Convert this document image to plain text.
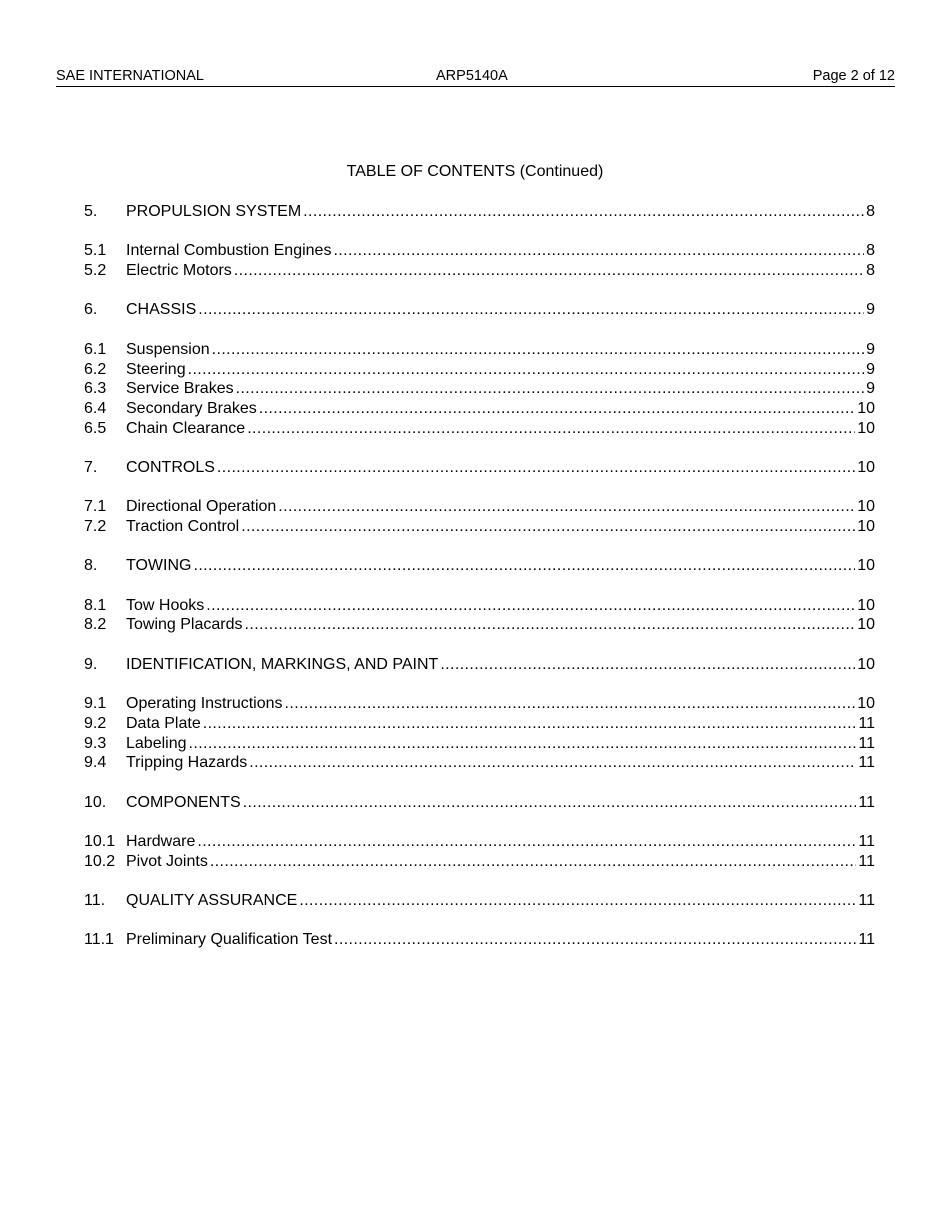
SAE INTERNATIONAL	ARP5140A	Page 2 of 12
TABLE OF CONTENTS (Continued)
5.	PROPULSION SYSTEM .....	8
5.1	Internal Combustion Engines .....	8
5.2	Electric Motors .....	8
6.	CHASSIS .....	9
6.1	Suspension .....	9
6.2	Steering .....	9
6.3	Service Brakes .....	9
6.4	Secondary Brakes .....	10
6.5	Chain Clearance .....	10
7.	CONTROLS .....	10
7.1	Directional Operation .....	10
7.2	Traction Control .....	10
8.	TOWING .....	10
8.1	Tow Hooks .....	10
8.2	Towing Placards .....	10
9.	IDENTIFICATION, MARKINGS, AND PAINT .....	10
9.1	Operating Instructions .....	10
9.2	Data Plate .....	11
9.3	Labeling .....	11
9.4	Tripping Hazards .....	11
10.	COMPONENTS .....	11
10.1 Hardware .....	11
10.2 Pivot Joints .....	11
11.	QUALITY ASSURANCE .....	11
11.1 Preliminary Qualification Test .....	11
